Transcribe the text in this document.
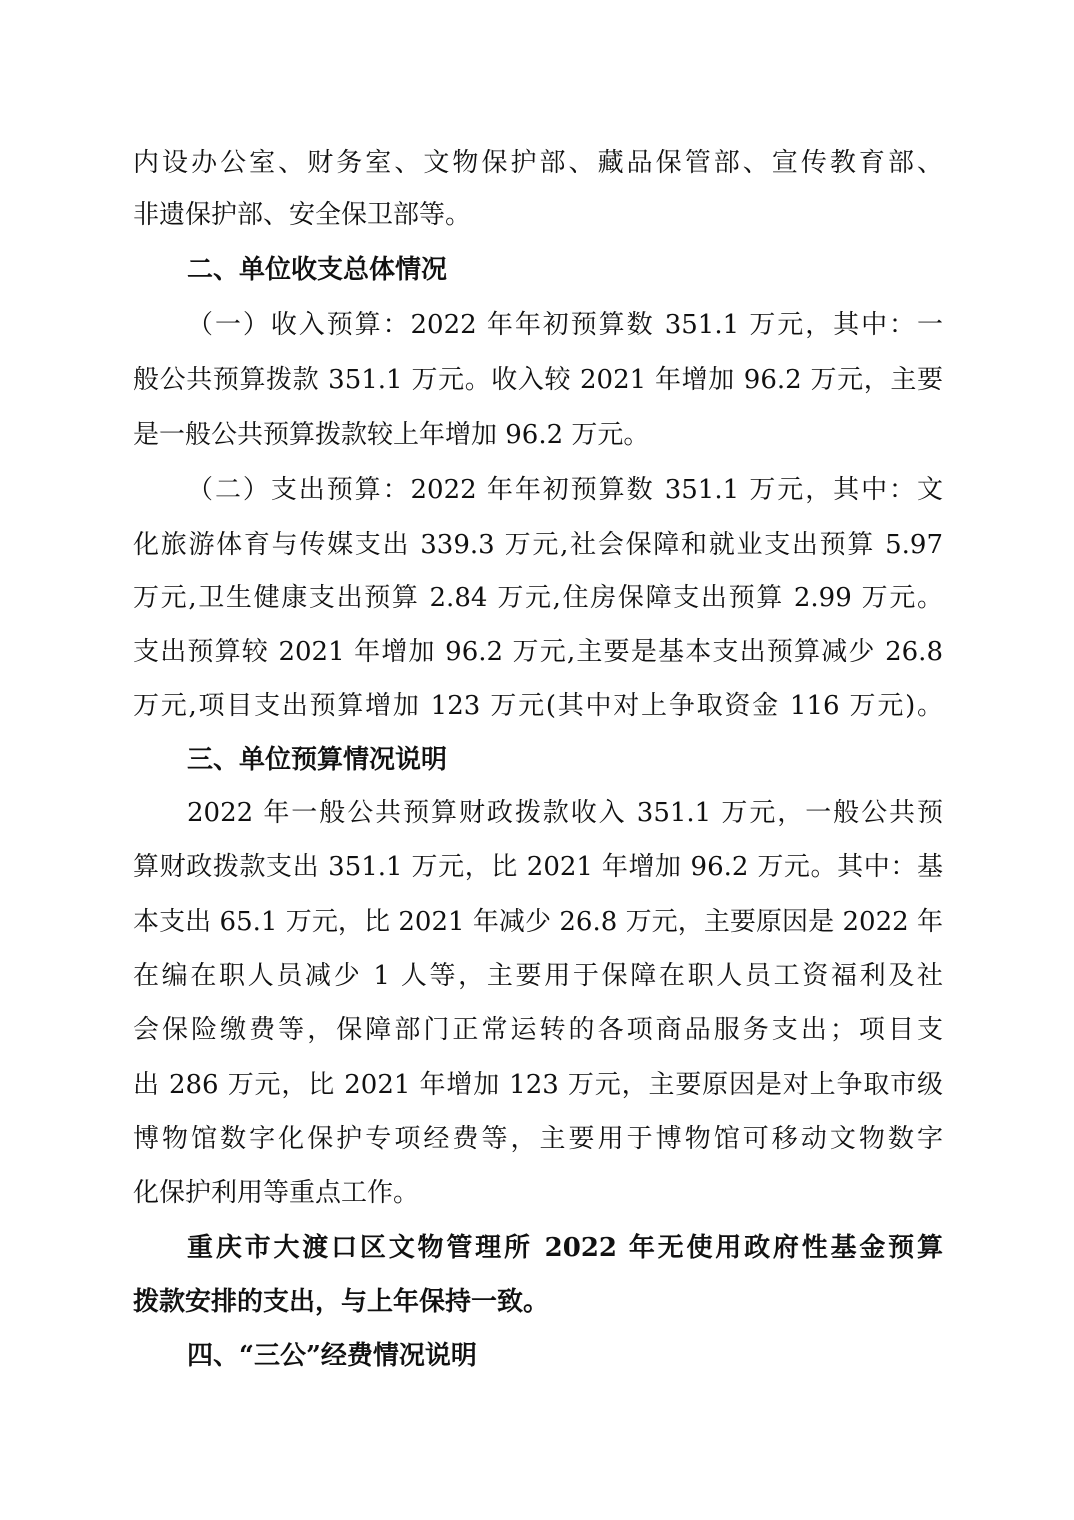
内设办公室、财务室、文物保护部、藏品保管部、宣传教育部、
非遗保护部、安全保卫部等。
二、单位收支总体情况
（一）收入预算：2022 年年初预算数 351.1 万元，其中：一
般公共预算拨款 351.1 万元。收入较 2021 年增加 96.2 万元，主要
是一般公共预算拨款较上年增加 96.2 万元。
（二）支出预算：2022 年年初预算数 351.1 万元，其中：文
化旅游体育与传媒支出 339.3 万元,社会保障和就业支出预算 5.97
万元,卫生健康支出预算 2.84 万元,住房保障支出预算 2.99 万元。
支出预算较 2021 年增加 96.2 万元,主要是基本支出预算减少 26.8
万元,项目支出预算增加 123 万元(其中对上争取资金 116 万元)。
三、单位预算情况说明
2022 年一般公共预算财政拨款收入 351.1 万元，一般公共预
算财政拨款支出 351.1 万元，比 2021 年增加 96.2 万元。其中：基
本支出 65.1 万元，比 2021 年减少 26.8 万元，主要原因是 2022 年
在编在职人员减少 1 人等，主要用于保障在职人员工资福利及社
会保险缴费等，保障部门正常运转的各项商品服务支出；项目支
出 286 万元，比 2021 年增加 123 万元，主要原因是对上争取市级
博物馆数字化保护专项经费等，主要用于博物馆可移动文物数字
化保护利用等重点工作。
重庆市大渡口区文物管理所 2022 年无使用政府性基金预算
拨款安排的支出，与上年保持一致。
四、“三公”经费情况说明
